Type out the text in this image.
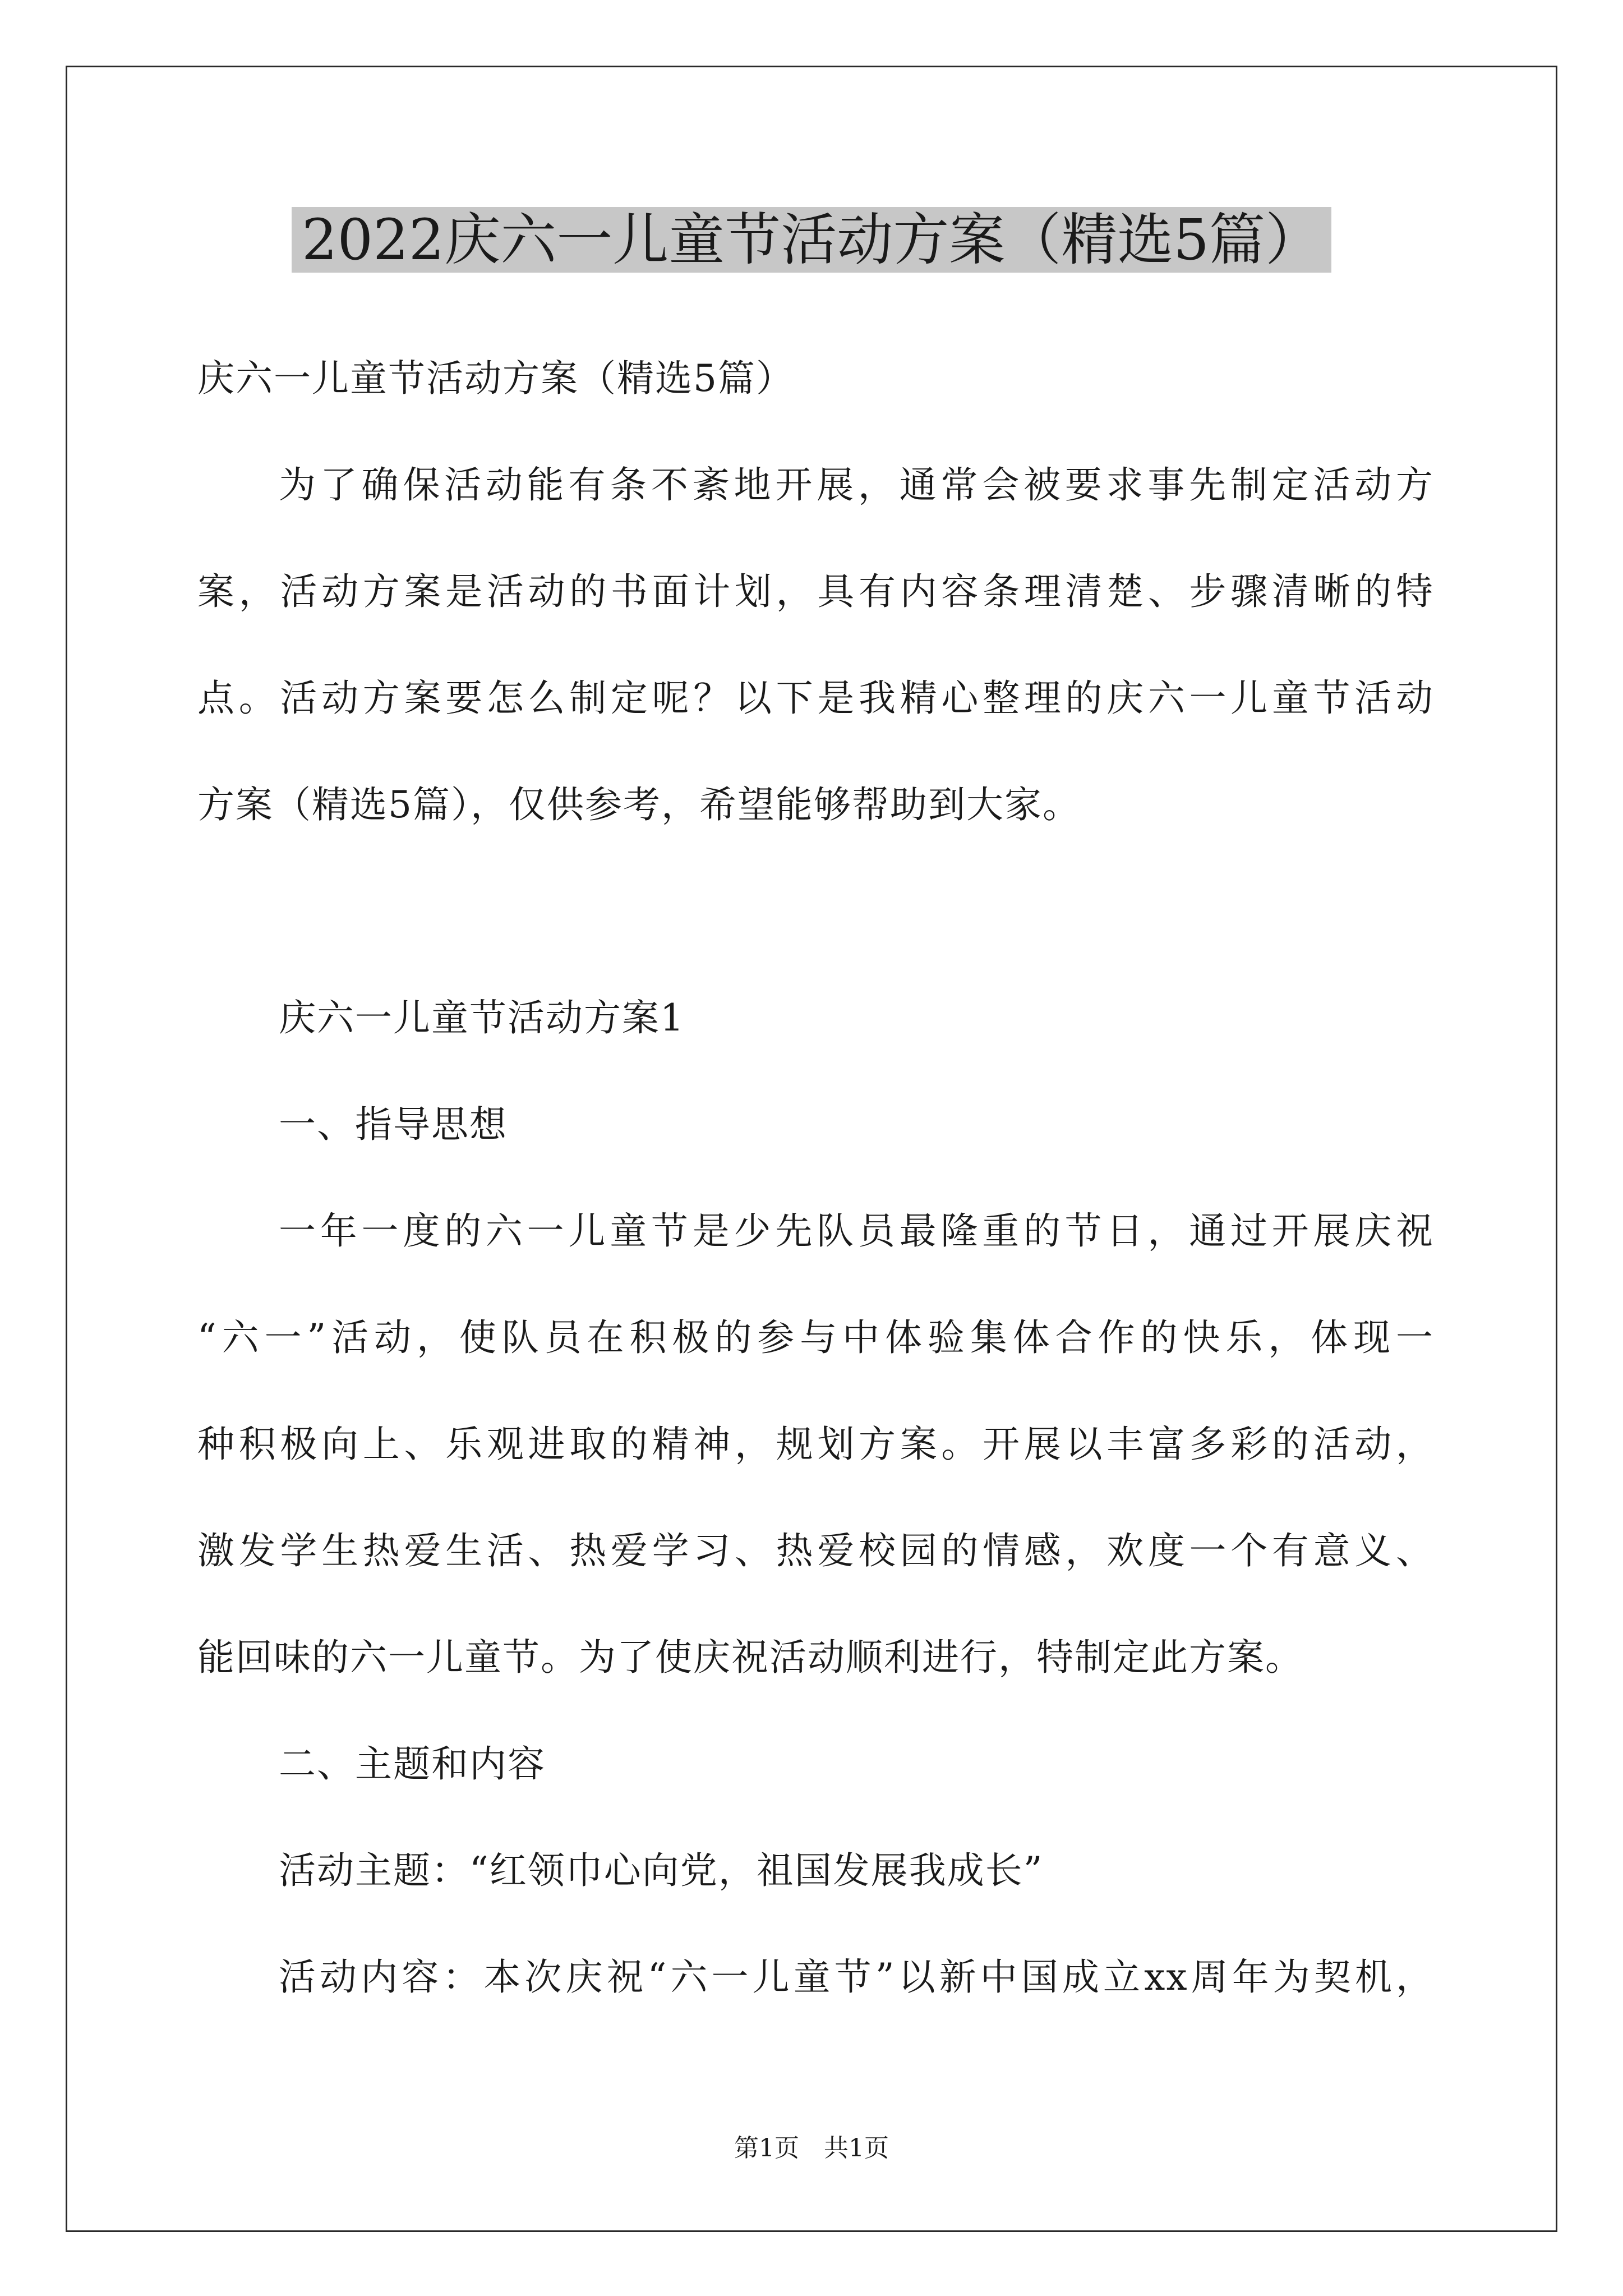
2022庆六一儿童节活动方案（精选5篇）
庆六一儿童节活动方案（精选5篇）
为了确保活动能有条不紊地开展，通常会被要求事先制定活动方
案，活动方案是活动的书面计划，具有内容条理清楚、步骤清晰的特
点。活动方案要怎么制定呢？以下是我精心整理的庆六一儿童节活动
方案（精选5篇），仅供参考，希望能够帮助到大家。
庆六一儿童节活动方案1
一、指导思想
一年一度的六一儿童节是少先队员最隆重的节日，通过开展庆祝
“六一”活动，使队员在积极的参与中体验集体合作的快乐，体现一
种积极向上、乐观进取的精神，规划方案。开展以丰富多彩的活动，
激发学生热爱生活、热爱学习、热爱校园的情感，欢度一个有意义、
能回味的六一儿童节。为了使庆祝活动顺利进行，特制定此方案。
二、主题和内容
活动主题：“红领巾心向党，祖国发展我成长”
活动内容：本次庆祝“六一儿童节”以新中国成立xx周年为契机，
第1页　共1页
